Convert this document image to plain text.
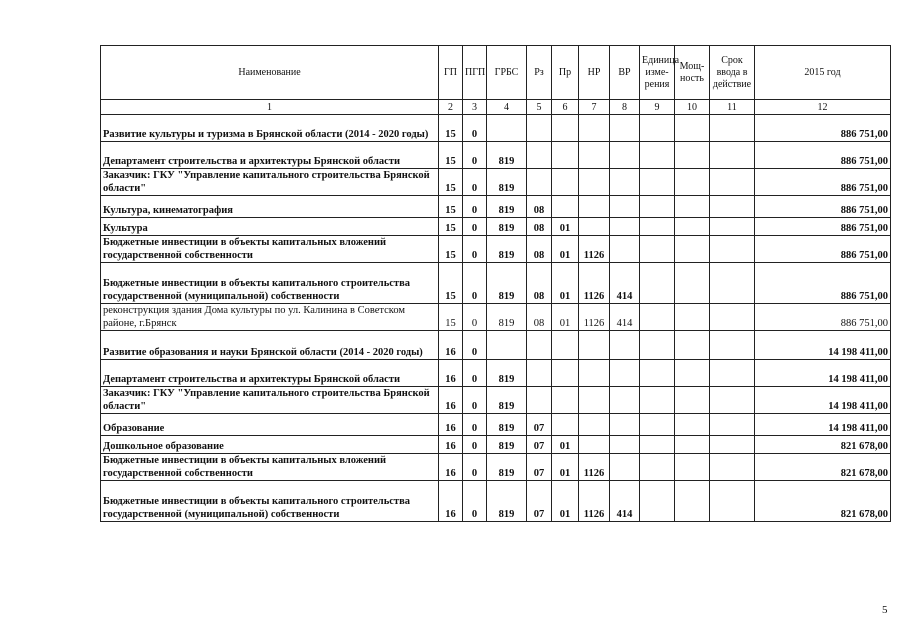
Наименование	ГП	ПГП	ГРБС	Рз	Пр	НР	ВР	Единица изме-рения	Мощ-ность	Срок ввода в действие	2015 год
1	2	3	4	5	6	7	8	9	10	11	12
Развитие культуры и туризма в Брянской области (2014 - 2020 годы)	15	0									886 751,00
Департамент строительства и архитектуры Брянской области	15	0	819								886 751,00
Заказчик: ГКУ "Управление капитального строительства Брянской области"	15	0	819								886 751,00
Культура, кинематография	15	0	819	08							886 751,00
Культура	15	0	819	08	01						886 751,00
Бюджетные инвестиции в объекты капитальных вложений государственной собственности	15	0	819	08	01	1126					886 751,00
Бюджетные инвестиции в объекты капитального строительства государственной (муниципальной) собственности	15	0	819	08	01	1126	414				886 751,00
реконструкция здания Дома культуры по ул. Калинина в Советском районе, г.Брянск	15	0	819	08	01	1126	414				886 751,00
Развитие образования и науки Брянской области (2014 - 2020 годы)	16	0									14 198 411,00
Департамент строительства и архитектуры Брянской области	16	0	819								14 198 411,00
Заказчик: ГКУ "Управление капитального строительства Брянской области"	16	0	819								14 198 411,00
Образование	16	0	819	07							14 198 411,00
Дошкольное образование	16	0	819	07	01						821 678,00
Бюджетные инвестиции в объекты капитальных вложений государственной собственности	16	0	819	07	01	1126					821 678,00
Бюджетные инвестиции в объекты капитального строительства государственной (муниципальной) собственности	16	0	819	07	01	1126	414				821 678,00
5
